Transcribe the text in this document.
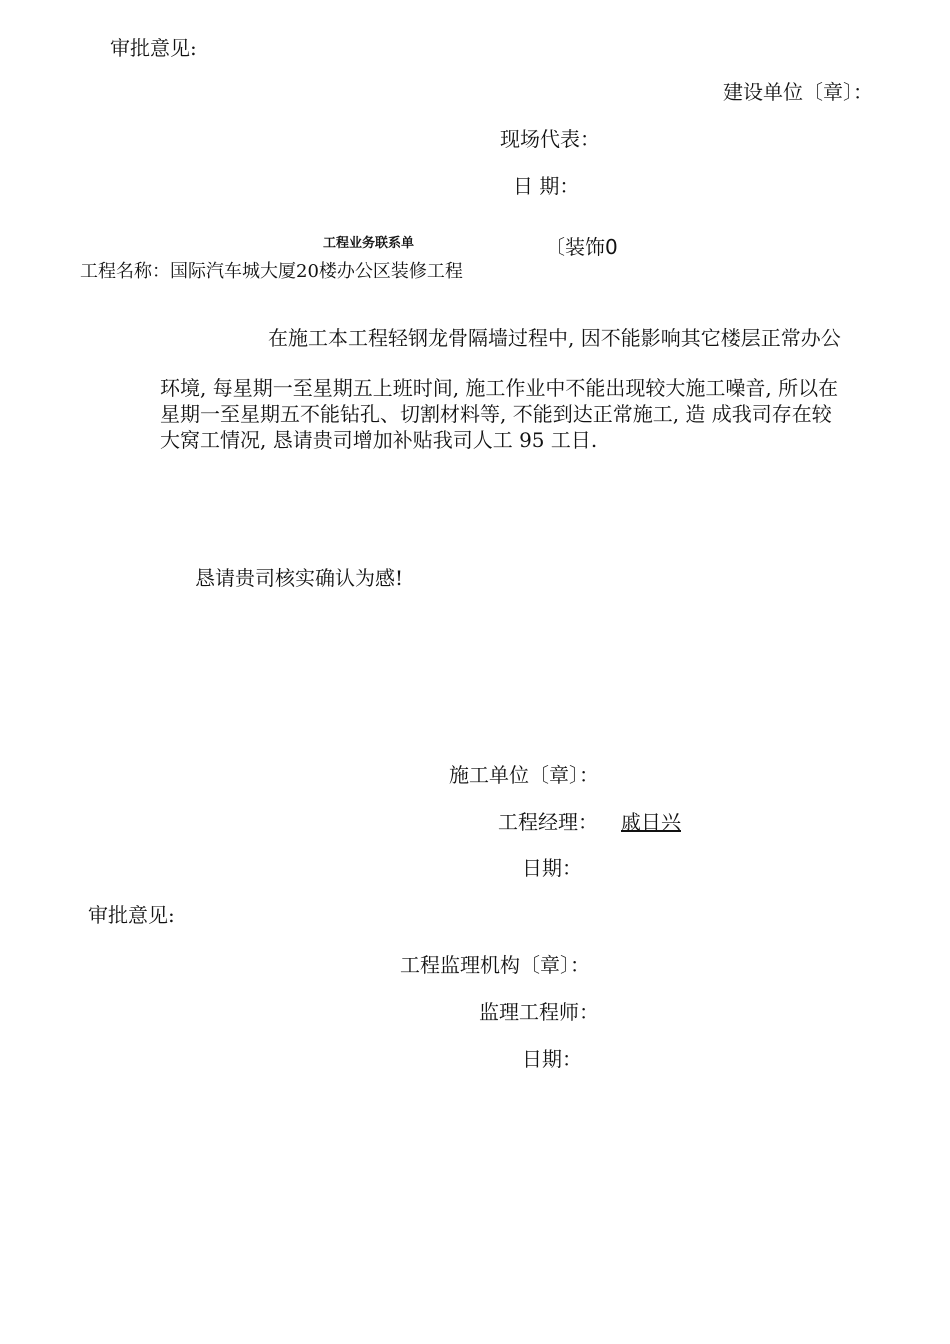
审批意见:
建设单位〔章〕：
现场代表：
日 期：
工程业务联系单	〔装饰0
工程名称：国际汽车城大厦20楼办公区装修工程
在施工本工程轻钢龙骨隔墙过程中, 因不能影响其它楼层正常办公
环境, 每星期一至星期五上班时间, 施工作业中不能出现较大施工噪音, 所以在
星期一至星期五不能钻孔、切割材料等, 不能到达正常施工, 造 成我司存在较
大窝工情况, 恳请贵司增加补贴我司人工 95 工日.
恳请贵司核实确认为感!
施工单位〔章〕：
工程经理： 戚日兴
日期：
审批意见:
工程监理机构〔章〕：
监理工程师：
日期：
